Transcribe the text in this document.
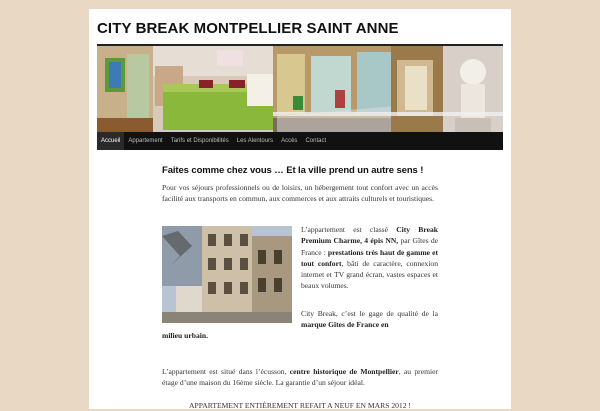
CITY BREAK MONTPELLIER SAINT ANNE
Accueil	Appartement	Tarifs et Disponibilités	Les Alentours	Accès	Contact
Faites comme chez vous … Et la ville prend un autre sens !

Pour vos séjours professionnels ou de loisirs, un hébergement tout confort avec un accès facilité aux transports en commun, aux commerces et aux attraits culturels et touristiques.

L’appartement est classé City Break Premium Charme, 4 épis NN, par Gîtes de France : prestations très haut de gamme et tout confort, bâti de caractère, connexion internet et TV grand écran, vastes espaces et beaux volumes.

City Break, c’est le gage de qualité de la marque Gîtes de France en

milieu urbain.

L’appartement est situé dans l’écusson, centre historique de Montpellier, au premier étage d’une maison du 16ème siècle. La garantie d’un séjour idéal.

APPARTEMENT ENTIÈREMENT REFAIT A NEUF EN MARS 2012 !
